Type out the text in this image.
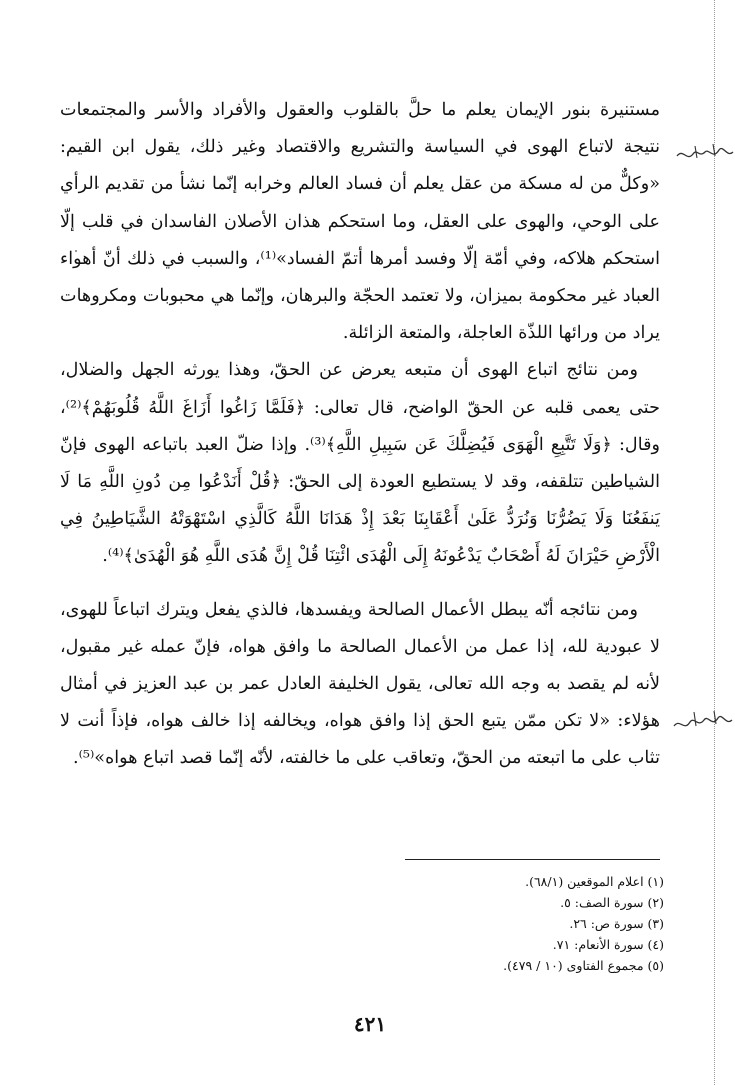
مستنيرة بنور الإيمان يعلم ما حلَّ بالقلوب والعقول والأفراد والأسر والمجتمعات نتيجة لاتباع الهوى في السياسة والتشريع والاقتصاد وغير ذلك، يقول ابن القيم: «وكلٌّ من له مسكة من عقل يعلم أن فساد العالم وخرابه إنّما نشأ من تقديم الرأي على الوحي، والهوى على العقل، وما استحكم هذان الأصلان الفاسدان في قلب إلّا استحكم هلاكه، وفي أمّة إلّا وفسد أمرها أتمّ الفساد»⁽¹⁾، والسبب في ذلك أنّ أهواء العباد غير محكومة بميزان، ولا تعتمد الحجّة والبرهان، وإنّما هي محبوبات ومكروهات يراد من ورائها اللذّة العاجلة، والمتعة الزائلة.

ومن نتائج اتباع الهوى أن متبعه يعرض عن الحقّ، وهذا يورثه الجهل والضلال، حتى يعمى قلبه عن الحقّ الواضح، قال تعالى: ﴿فَلَمَّا زَاغُوا أَزَاغَ اللَّهُ قُلُوبَهُمْ﴾⁽²⁾، وقال: ﴿وَلَا تَتَّبِعِ الْهَوَى فَيُضِلَّكَ عَن سَبِيلِ اللَّهِ﴾⁽³⁾. وإذا ضلّ العبد باتباعه الهوى فإنّ الشياطين تتلقفه، وقد لا يستطيع العودة إلى الحقّ: ﴿قُلْ أَنَدْعُوا مِن دُونِ اللَّهِ مَا لَا يَنفَعُنَا وَلَا يَضُرُّنَا وَنُرَدُّ عَلَىٰ أَعْقَابِنَا بَعْدَ إِذْ هَدَانَا اللَّهُ كَالَّذِي اسْتَهْوَتْهُ الشَّيَاطِينُ فِي الْأَرْضِ حَيْرَانَ لَهُ أَصْحَابٌ يَدْعُونَهُ إِلَى الْهُدَى ائْتِنَا قُلْ إِنَّ هُدَى اللَّهِ هُوَ الْهُدَىٰ﴾⁽⁴⁾.

ومن نتائجه أنّه يبطل الأعمال الصالحة ويفسدها، فالذي يفعل ويترك اتباعاً للهوى، لا عبودية لله، إذا عمل من الأعمال الصالحة ما وافق هواه، فإنّ عمله غير مقبول، لأنه لم يقصد به وجه الله تعالى، يقول الخليفة العادل عمر بن عبد العزيز في أمثال هؤلاء: «لا تكن ممّن يتبع الحق إذا وافق هواه، ويخالفه إذا خالف هواه، فإذاً أنت لا تثاب على ما اتبعته من الحقّ، وتعاقب على ما خالفته، لأنّه إنّما قصد اتباع هواه»⁽⁵⁾.

(١) اعلام الموقعين (٦٨/١).
(٢) سورة الصف: ٥.
(٣) سورة ص: ٢٦.
(٤) سورة الأنعام: ٧١.
(٥) مجموع الفتاوى (١٠ / ٤٧٩).
٤٢١
